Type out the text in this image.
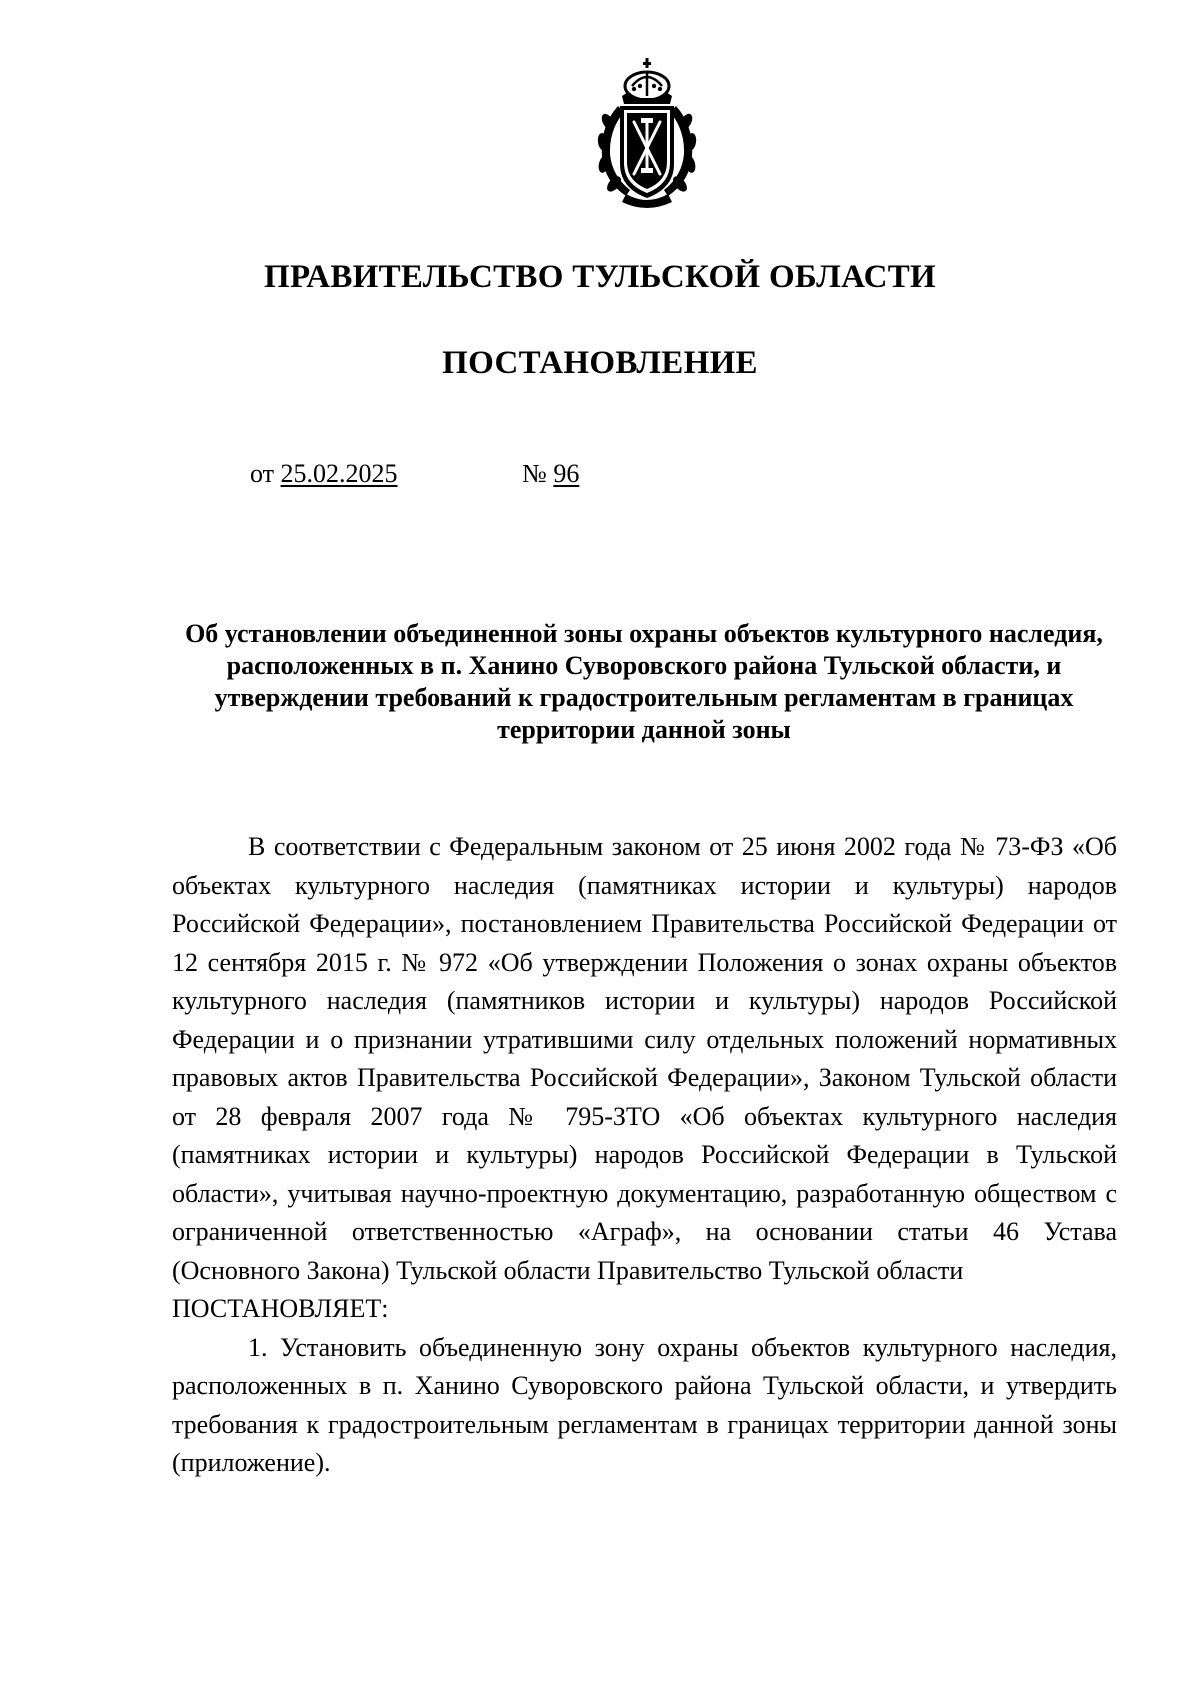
ПРАВИТЕЛЬСТВО ТУЛЬСКОЙ ОБЛАСТИ
ПОСТАНОВЛЕНИЕ
от 25.02.2025	№ 96
Об установлении объединенной зоны охраны объектов культурного наследия, расположенных в п. Ханино Суворовского района Тульской области, и утверждении требований к градостроительным регламентам в границах территории данной зоны

В соответствии с Федеральным законом от 25 июня 2002 года № 73-ФЗ «Об объектах культурного наследия (памятниках истории и культуры) народов Российской Федерации», постановлением Правительства Российской Федерации от 12 сентября 2015 г. № 972 «Об утверждении Положения о зонах охраны объектов культурного наследия (памятников истории и культуры) народов Российской Федерации и о признании утратившими силу отдельных положений нормативных правовых актов Правительства Российской Федерации», Законом Тульской области от 28 февраля 2007 года № 795-ЗТО «Об объектах культурного наследия (памятниках истории и культуры) народов Российской Федерации в Тульской области», учитывая научно-проектную документацию, разработанную обществом с ограниченной ответственностью «Аграф», на основании статьи 46 Устава (Основного Закона) Тульской области Правительство Тульской области

ПОСТАНОВЛЯЕТ:

1. Установить объединенную зону охраны объектов культурного наследия, расположенных в п. Ханино Суворовского района Тульской области, и утвердить требования к градостроительным регламентам в границах территории данной зоны (приложение).
